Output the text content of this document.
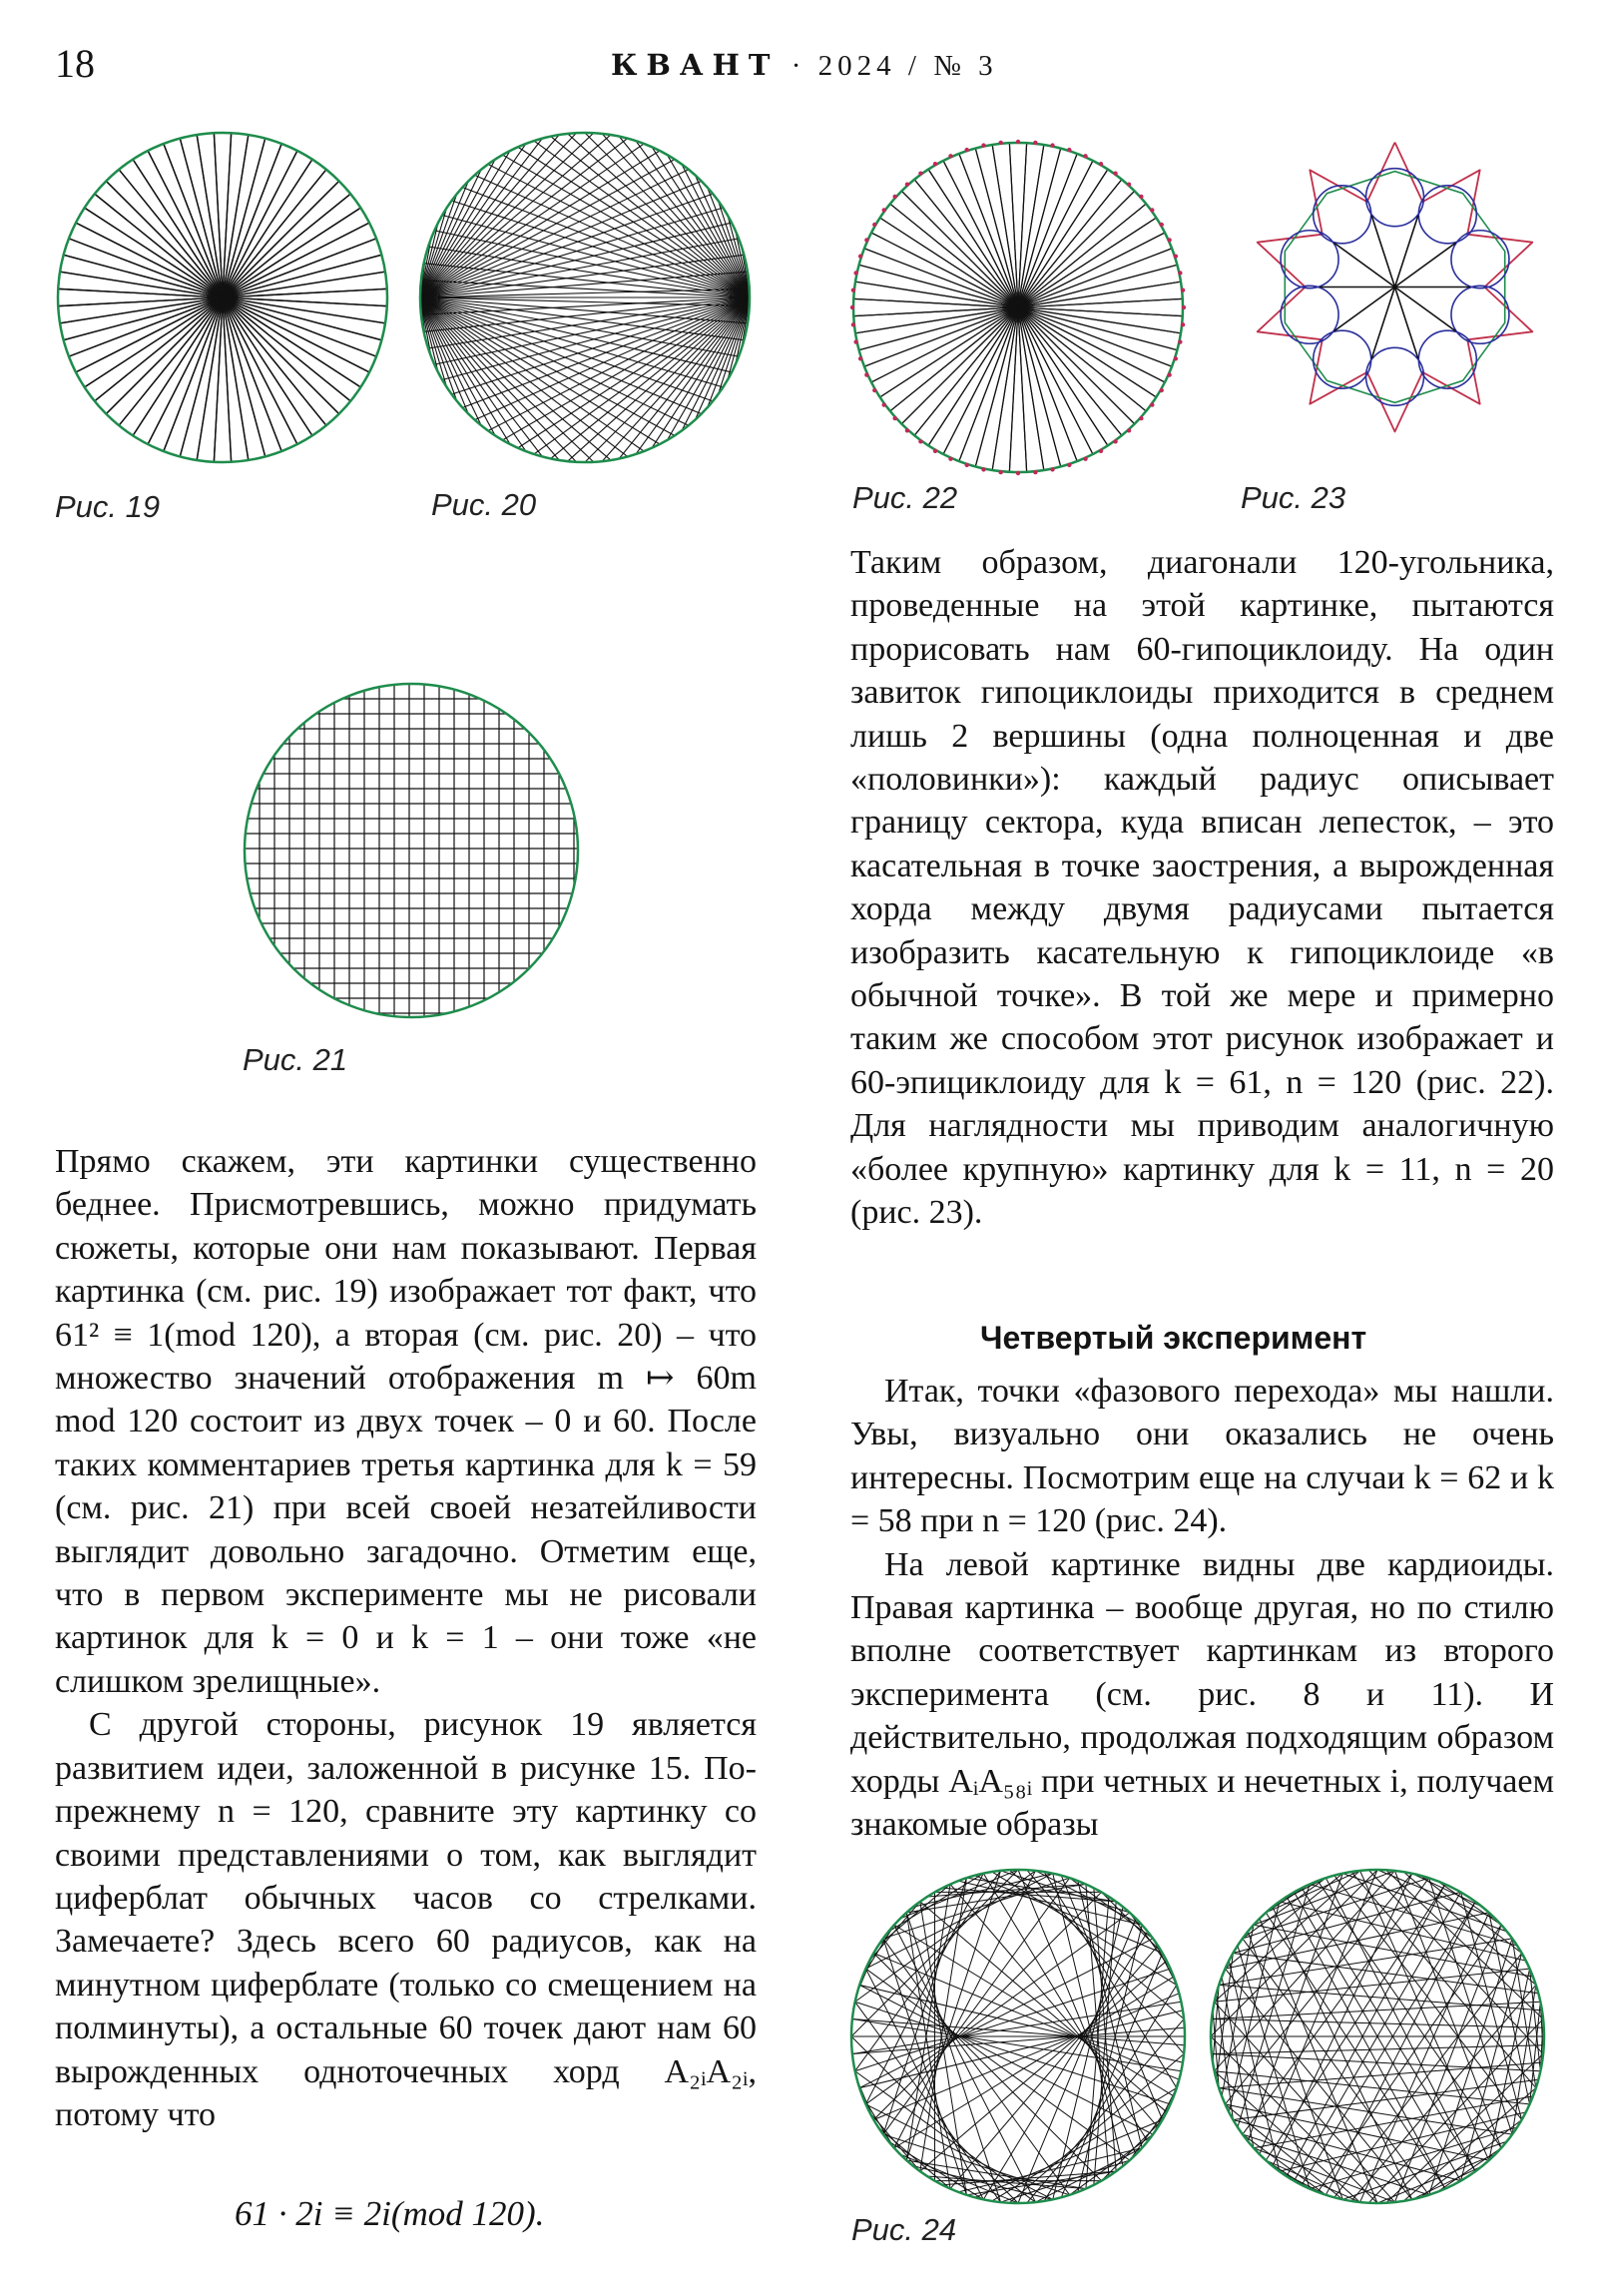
18	КВАНТ · 2024 / № 3
Рис. 19	Рис. 20
Рис. 21
Рис. 22	Рис. 23
Рис. 24

Прямо скажем, эти картинки существенно беднее. Присмотревшись, можно придумать сюжеты, которые они нам показывают. Первая картинка (см. рис. 19) изображает тот факт, что 61² ≡ 1(mod 120), а вторая (см. рис. 20) – что множество значений отображения m ↦ 60m mod 120 состоит из двух точек – 0 и 60. После таких комментариев третья картинка для k = 59 (см. рис. 21) при всей своей незатейливости выглядит довольно загадочно. Отметим еще, что в первом эксперименте мы не рисовали картинок для k = 0 и k = 1 – они тоже «не слишком зрелищные».

С другой стороны, рисунок 19 является развитием идеи, заложенной в рисунке 15. По-прежнему n = 120, сравните эту картинку со своими представлениями о том, как выглядит циферблат обычных часов со стрелками. Замечаете? Здесь всего 60 радиусов, как на минутном циферблате (только со смещением на полминуты), а остальные 60 точек дают нам 60 вырожденных одноточечных хорд A₂ᵢA₂ᵢ, потому что

61 · 2i ≡ 2i(mod 120).

Таким образом, диагонали 120-угольника, проведенные на этой картинке, пытаются прорисовать нам 60-гипоциклоиду. На один завиток гипоциклоиды приходится в среднем лишь 2 вершины (одна полноценная и две «половинки»): каждый радиус описывает границу сектора, куда вписан лепесток, – это касательная в точке заострения, а вырожденная хорда между двумя радиусами пытается изобразить касательную к гипоциклоиде «в обычной точке». В той же мере и примерно таким же способом этот рисунок изображает и 60-эпициклоиду для k = 61, n = 120 (рис. 22). Для наглядности мы приводим аналогичную «более крупную» картинку для k = 11, n = 20 (рис. 23).

Четвертый эксперимент

Итак, точки «фазового перехода» мы нашли. Увы, визуально они оказались не очень интересны. Посмотрим еще на случаи k = 62 и k = 58 при n = 120 (рис. 24).

На левой картинке видны две кардиоиды. Правая картинка – вообще другая, но по стилю вполне соответствует картинкам из второго эксперимента (см. рис. 8 и 11). И действительно, продолжая подходящим образом хорды AᵢA₅₈ᵢ при четных и нечетных i, получаем знакомые образы
